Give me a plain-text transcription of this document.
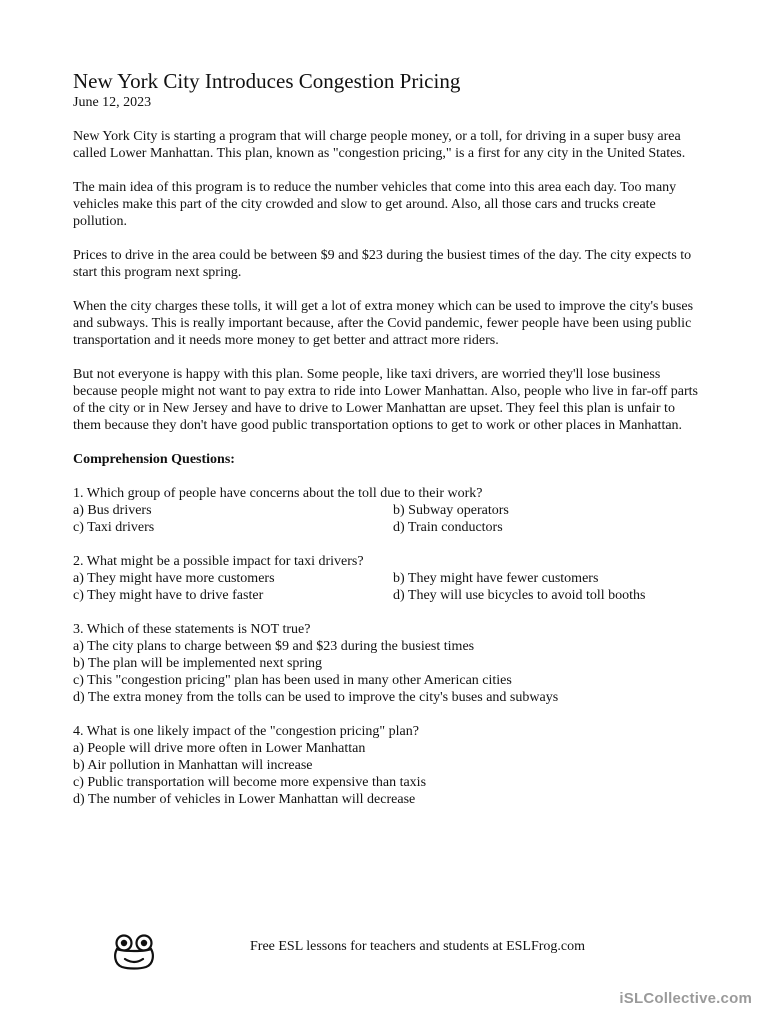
New York City Introduces Congestion Pricing

June 12, 2023

New York City is starting a program that will charge people money, or a toll, for driving in a super busy area called Lower Manhattan. This plan, known as "congestion pricing," is a first for any city in the United States.

The main idea of this program is to reduce the number vehicles that come into this area each day. Too many vehicles make this part of the city crowded and slow to get around. Also, all those cars and trucks create pollution.

Prices to drive in the area could be between $9 and $23 during the busiest times of the day. The city expects to start this program next spring.

When the city charges these tolls, it will get a lot of extra money which can be used to improve the city's buses and subways. This is really important because, after the Covid pandemic, fewer people have been using public transportation and it needs more money to get better and attract more riders.

But not everyone is happy with this plan. Some people, like taxi drivers, are worried they'll lose business because people might not want to pay extra to ride into Lower Manhattan. Also, people who live in far-off parts of the city or in New Jersey and have to drive to Lower Manhattan are upset. They feel this plan is unfair to them because they don't have good public transportation options to get to work or other places in Manhattan.

Comprehension Questions:

1. Which group of people have concerns about the toll due to their work?
a) Bus drivers	b) Subway operators
c) Taxi drivers	d) Train conductors
2. What might be a possible impact for taxi drivers?
a) They might have more customers	b) They might have fewer customers
c) They might have to drive faster	d) They will use bicycles to avoid toll booths
3. Which of these statements is NOT true?
a) The city plans to charge between $9 and $23 during the busiest times
b) The plan will be implemented next spring
c) This "congestion pricing" plan has been used in many other American cities
d) The extra money from the tolls can be used to improve the city's buses and subways
4. What is one likely impact of the "congestion pricing" plan?
a) People will drive more often in Lower Manhattan
b) Air pollution in Manhattan will increase
c) Public transportation will become more expensive than taxis
d) The number of vehicles in Lower Manhattan will decrease
Free ESL lessons for teachers and students at ESLFrog.com
iSLCollective.com
